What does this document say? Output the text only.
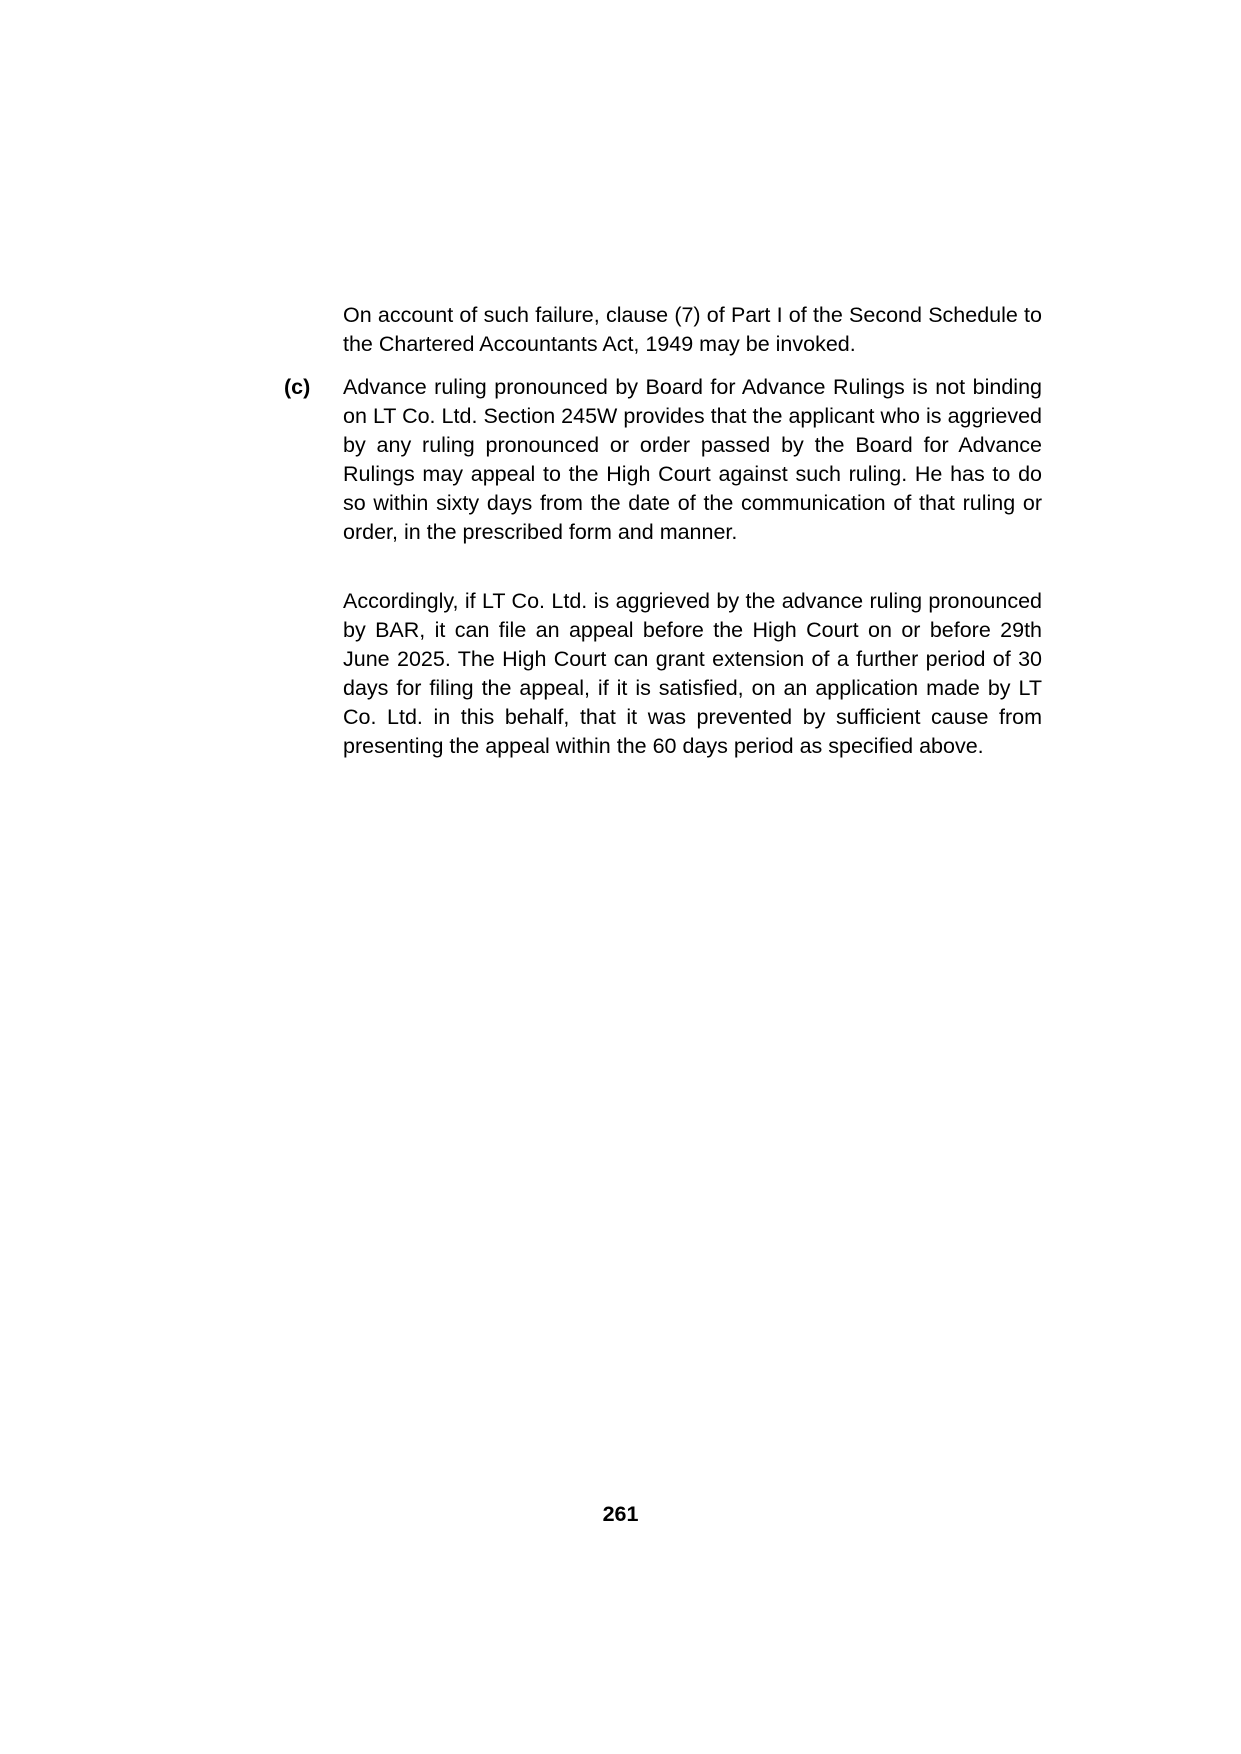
On account of such failure, clause (7) of Part I of the Second Schedule to the Chartered Accountants Act, 1949 may be invoked.

(c) Advance ruling pronounced by Board for Advance Rulings is not binding on LT Co. Ltd. Section 245W provides that the applicant who is aggrieved by any ruling pronounced or order passed by the Board for Advance Rulings may appeal to the High Court against such ruling. He has to do so within sixty days from the date of the communication of that ruling or order, in the prescribed form and manner.

Accordingly, if LT Co. Ltd. is aggrieved by the advance ruling pronounced by BAR, it can file an appeal before the High Court on or before 29th June 2025. The High Court can grant extension of a further period of 30 days for filing the appeal, if it is satisfied, on an application made by LT Co. Ltd. in this behalf, that it was prevented by sufficient cause from presenting the appeal within the 60 days period as specified above.

261
